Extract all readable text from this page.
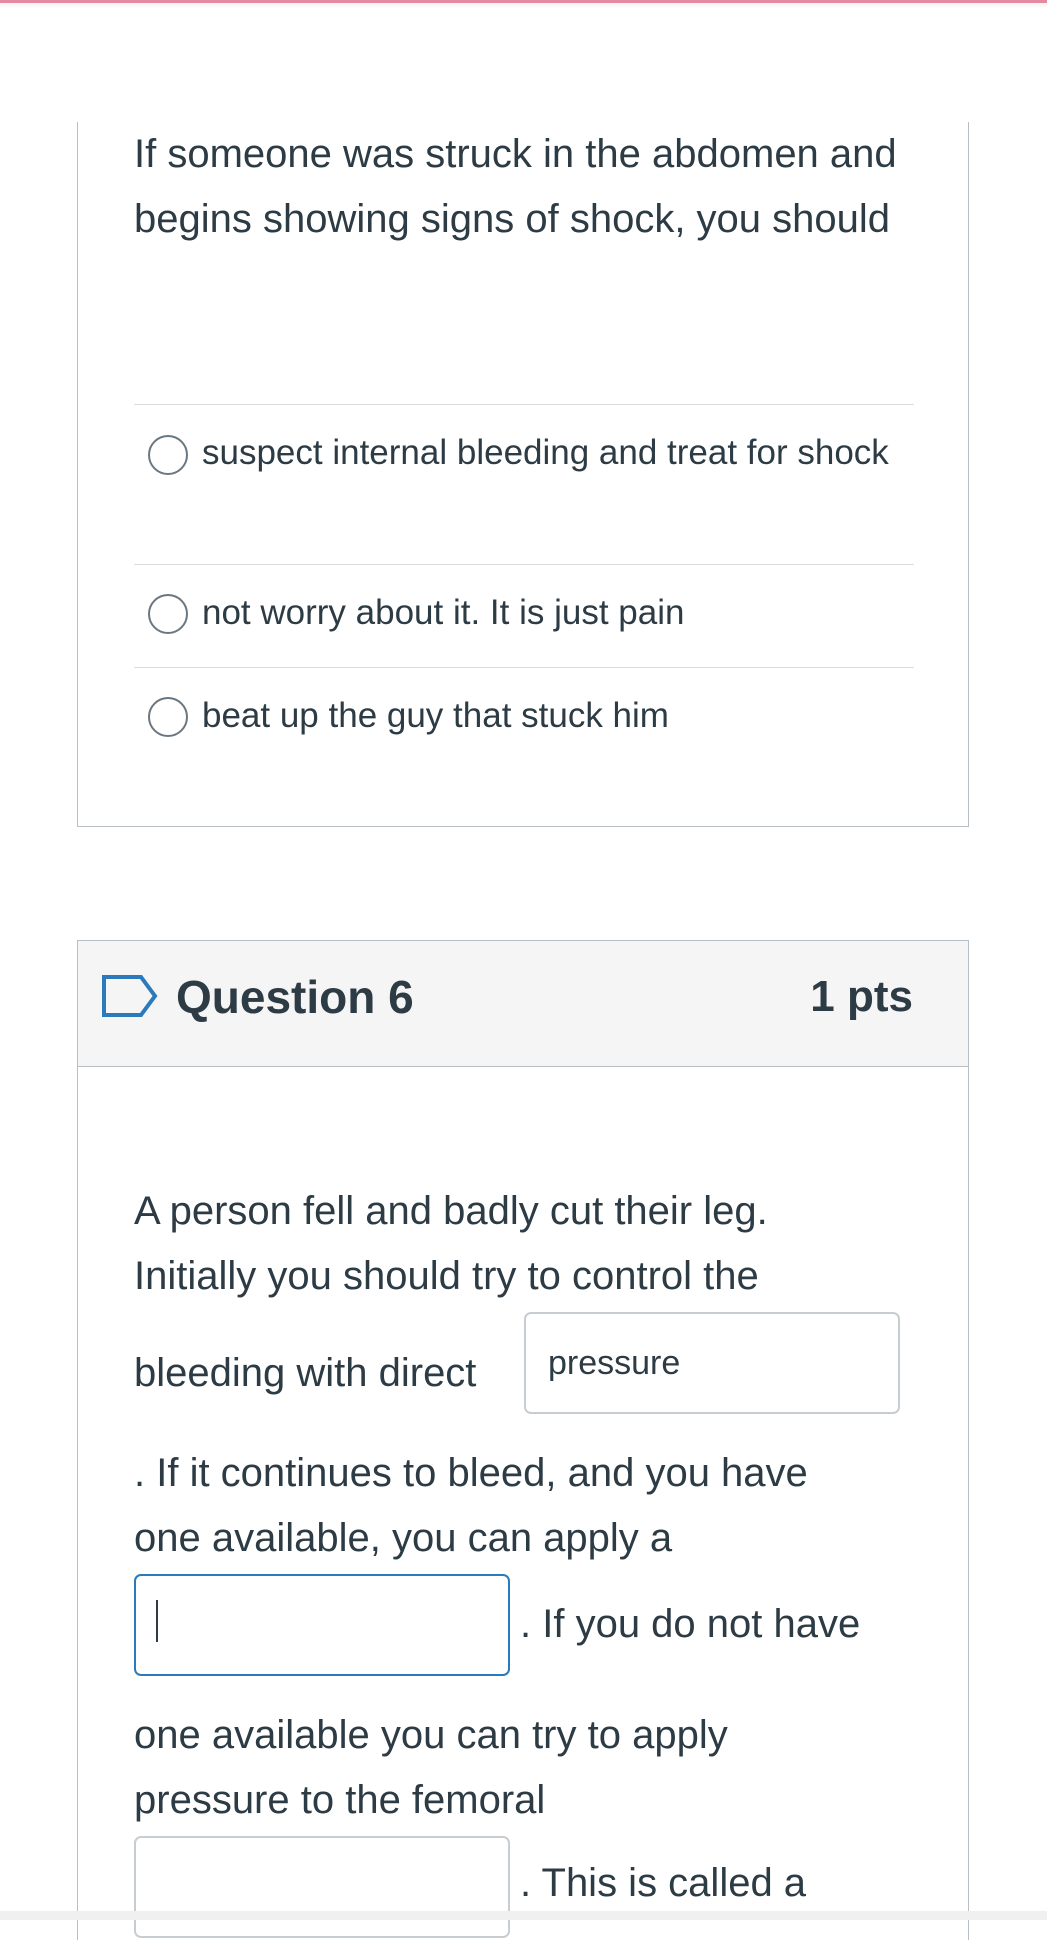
If someone was struck in the abdomen and begins showing signs of shock, you should

suspect internal bleeding and treat for shock
not worry about it. It is just pain
beat up the guy that stuck him
Question 6	1 pts
A person fell and badly cut their leg.
Initially you should try to control the
bleeding with direct
pressure
. If it continues to bleed, and you have
one available, you can apply a
. If you do not have
one available you can try to apply
pressure to the femoral
. This is called a
